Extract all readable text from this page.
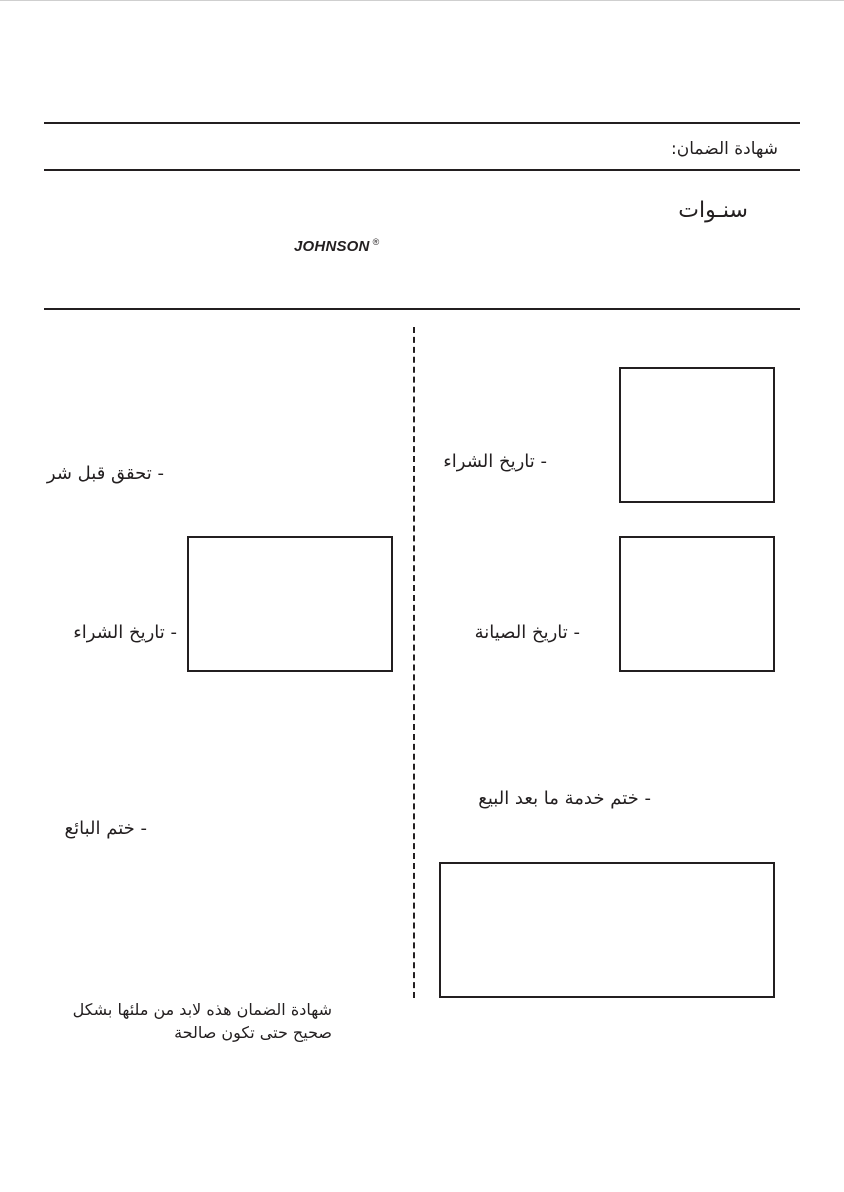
شهادة الضمان:
سنـوات
JOHNSON ®
- تحقق قبل شر
- تاريخ الشراء
- ختم البائع
- تاريخ الشراء
- تاريخ الصيانة
- ختم خدمة ما بعد البيع
شهادة الضمان هذه لابد من ملئها بشكل
صحيح حتى تكون صالحة
